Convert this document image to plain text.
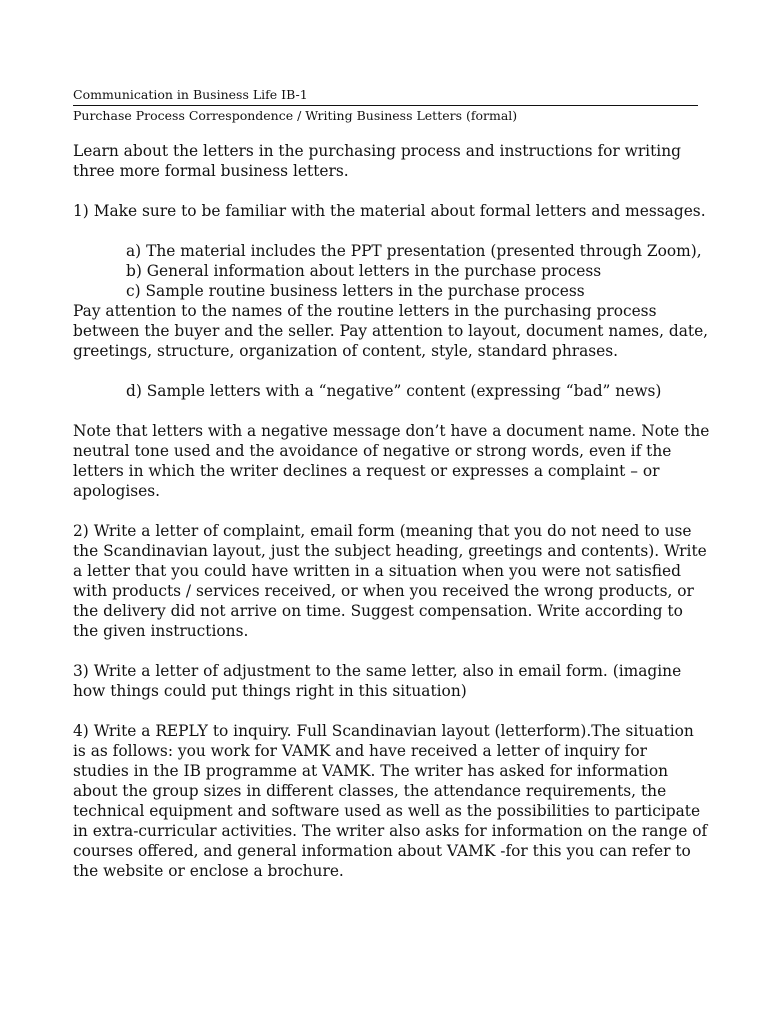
Communication in Business Life IB-1
Purchase Process Correspondence / Writing Business Letters (formal)
Learn about the letters in the purchasing process and instructions for writing
three more formal business letters.
1) Make sure to be familiar with the material about formal letters and messages.
a) The material includes the PPT presentation (presented through Zoom),
b) General information about letters in the purchase process
c) Sample routine business letters in the purchase process
Pay attention to the names of the routine letters in the purchasing process
between the buyer and the seller. Pay attention to layout, document names, date,
greetings, structure, organization of content, style, standard phrases.
d) Sample letters with a “negative” content (expressing “bad” news)
Note that letters with a negative message don’t have a document name. Note the
neutral tone used and the avoidance of negative or strong words, even if the
letters in which the writer declines a request or expresses a complaint – or
apologises.
2) Write a letter of complaint, email form (meaning that you do not need to use
the Scandinavian layout, just the subject heading, greetings and contents). Write
a letter that you could have written in a situation when you were not satisfied
with products / services received, or when you received the wrong products, or
the delivery did not arrive on time. Suggest compensation. Write according to
the given instructions.
3) Write a letter of adjustment to the same letter, also in email form. (imagine
how things could put things right in this situation)
4) Write a REPLY to inquiry. Full Scandinavian layout (letterform).The situation
is as follows: you work for VAMK and have received a letter of inquiry for
studies in the IB programme at VAMK. The writer has asked for information
about the group sizes in different classes, the attendance requirements, the
technical equipment and software used as well as the possibilities to participate
in extra-curricular activities. The writer also asks for information on the range of
courses offered, and general information about VAMK -for this you can refer to
the website or enclose a brochure.
